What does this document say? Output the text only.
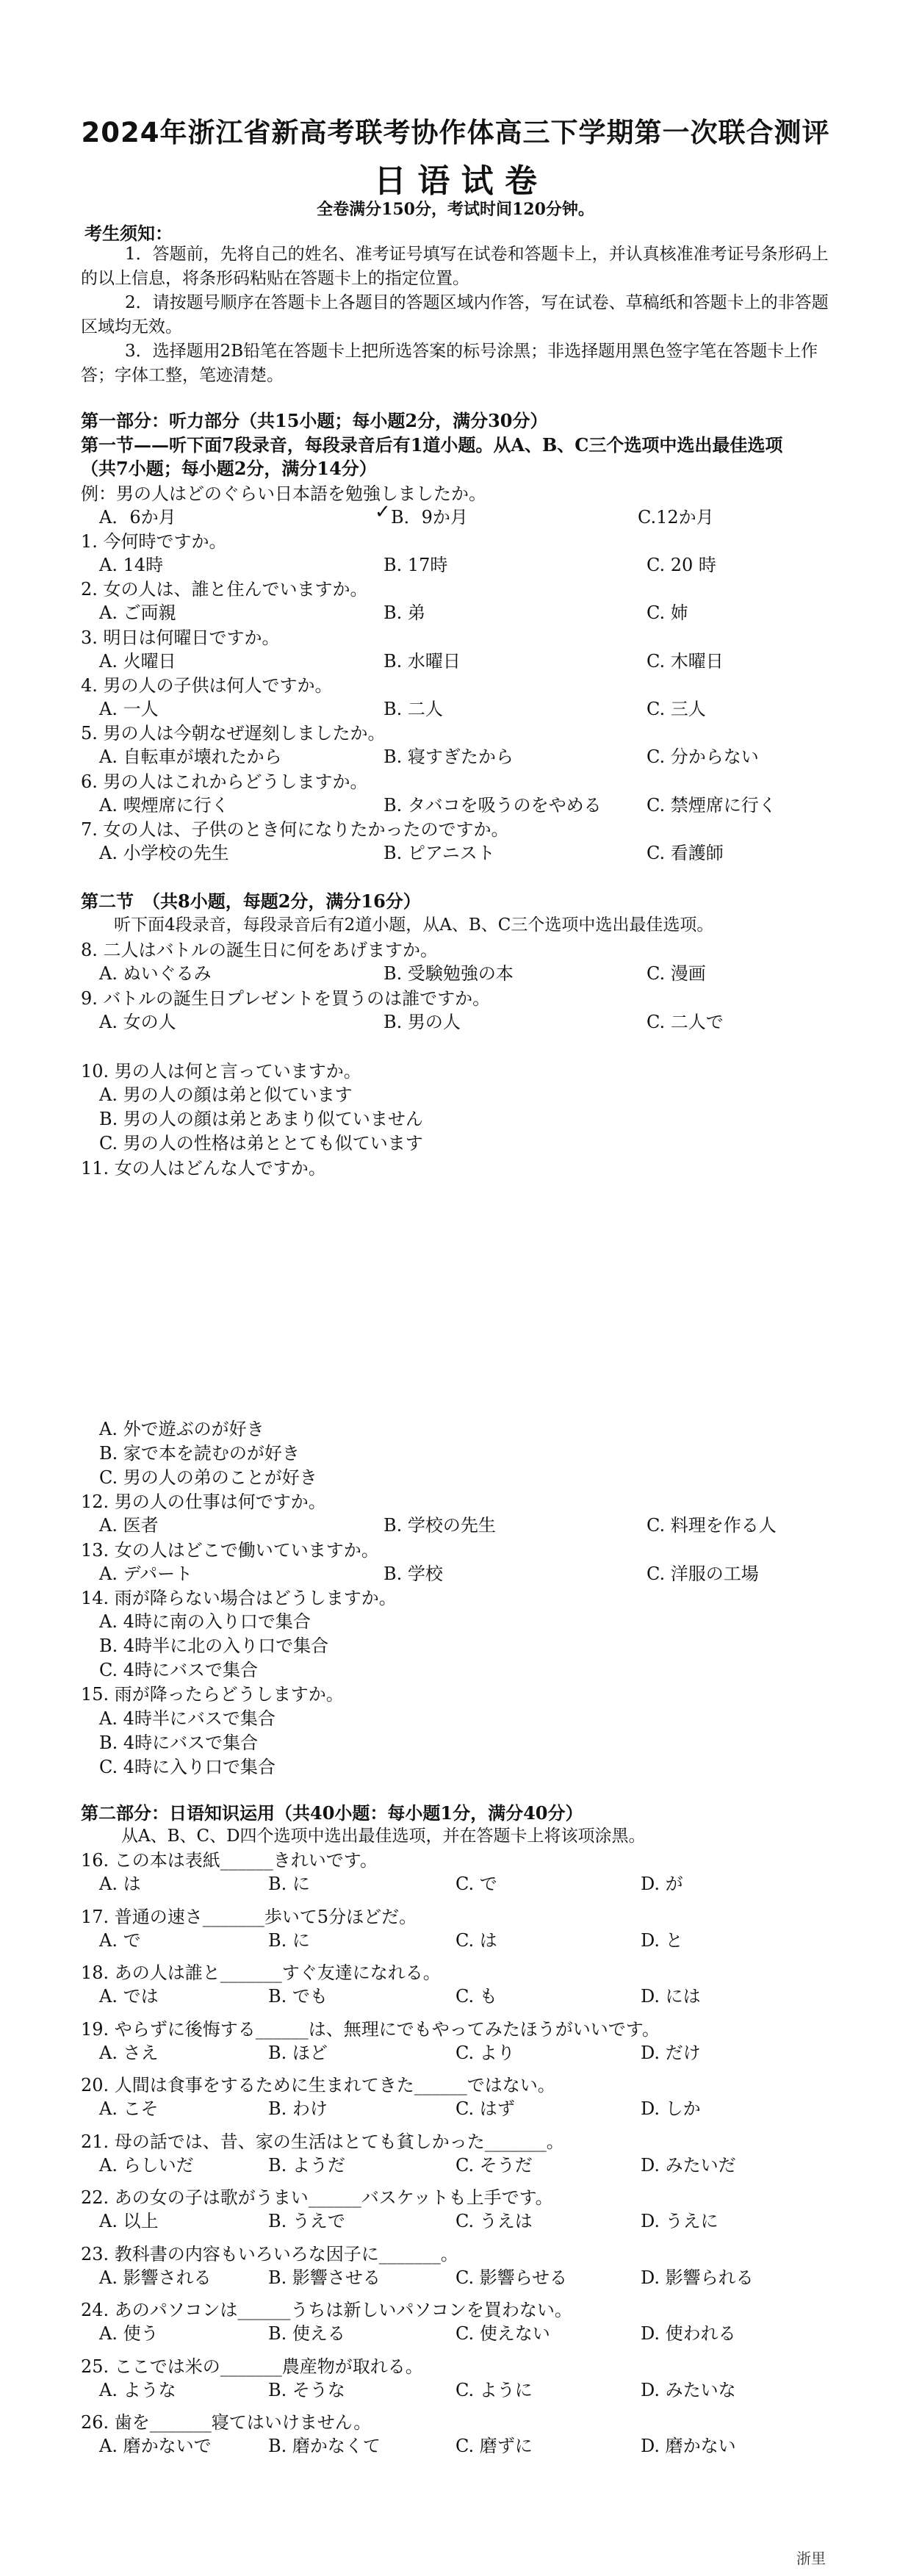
2024年浙江省新高考联考协作体高三下学期第一次联合测评
日 语 试 卷
全卷满分150分，考试时间120分钟。
考生须知：

1．答题前，先将自己的姓名、准考证号填写在试卷和答题卡上，并认真核准准考证号条形码上的以上信息，将条形码粘贴在答题卡上的指定位置。

2．请按题号顺序在答题卡上各题目的答题区域内作答，写在试卷、草稿纸和答题卡上的非答题区域均无效。

3．选择题用2B铅笔在答题卡上把所选答案的标号涂黑；非选择题用黑色签字笔在答题卡上作答；字体工整，笔迹清楚。

第一部分：听力部分（共15小题；每小题2分，满分30分）
第一节——听下面7段录音，每段录音后有1道小题。从A、B、C三个选项中选出最佳选项
（共7小题；每小题2分，满分14分）
例：男の人はどのぐらい日本語を勉強しましたか。
A．6か月	✓ B．9か月	C.12か月
1. 今何時ですか。
A. 14時	B. 17時	C. 20 時
2. 女の人は、誰と住んでいますか。
A. ご両親	B. 弟	C. 姉
3. 明日は何曜日ですか。
A. 火曜日	B. 水曜日	C. 木曜日
4. 男の人の子供は何人ですか。
A. 一人	B. 二人	C. 三人
5. 男の人は今朝なぜ遅刻しましたか。
A. 自転車が壊れたから	B. 寝すぎたから	C. 分からない
6. 男の人はこれからどうしますか。
A. 喫煙席に行く	B. タバコを吸うのをやめる	C. 禁煙席に行く
7. 女の人は、子供のとき何になりたかったのですか。
A. 小学校の先生	B. ピアニスト	C. 看護師
8. 二人はバトルの誕生日に何をあげますか。
A. ぬいぐるみ	B. 受験勉強の本	C. 漫画
9. バトルの誕生日プレゼントを買うのは誰ですか。
A. 女の人	B. 男の人	C. 二人で
第二节　（共8小题，每题2分，满分16分）
听下面4段录音，每段录音后有2道小题，从A、B、C三个选项中选出最佳选项。
10. 男の人は何と言っていますか。
A. 男の人の顔は弟と似ています
B. 男の人の顔は弟とあまり似ていません
C. 男の人の性格は弟ととても似ています
11. 女の人はどんな人ですか。
A. 外で遊ぶのが好き
B. 家で本を読むのが好き
C. 男の人の弟のことが好き
12. 男の人の仕事は何ですか。
A. 医者	B. 学校の先生	C. 料理を作る人
13. 女の人はどこで働いていますか。
A. デパート	B. 学校	C. 洋服の工場
14. 雨が降らない場合はどうしますか。
A. 4時に南の入り口で集合
B. 4時半に北の入り口で集合
C. 4時にバスで集合
15. 雨が降ったらどうしますか。
A. 4時半にバスで集合
B. 4時にバスで集合
C. 4時に入り口で集合
第二部分：日语知识运用（共40小题：每小题1分，满分40分）
从A、B、C、D四个选项中选出最佳选项，并在答题卡上将该项涂黑。
16. この本は表紙______きれいです。
A. は	B. に	C. で	D. が
17. 普通の速さ_______歩いて5分ほどだ。
A. で	B. に	C. は	D. と
18. あの人は誰と_______すぐ友達になれる。
A. では	B. でも	C. も	D. には
19. やらずに後悔する______は、無理にでもやってみたほうがいいです。
A. さえ	B. ほど	C. より	D. だけ
20. 人間は食事をするために生まれてきた______ではない。
A. こそ	B. わけ	C. はず	D. しか
21. 母の話では、昔、家の生活はとても貧しかった_______。
A. らしいだ	B. ようだ	C. そうだ	D. みたいだ
22. あの女の子は歌がうまい______バスケットも上手です。
A. 以上	B. うえで	C. うえは	D. うえに
23. 教科書の内容もいろいろな因子に_______。
A. 影響される	B. 影響させる	C. 影響らせる	D. 影響られる
24. あのパソコンは______うちは新しいパソコンを買わない。
A. 使う	B. 使える	C. 使えない	D. 使われる
25. ここでは米の_______農産物が取れる。
A. ような	B. そうな	C. ように	D. みたいな
26. 歯を_______寝てはいけません。
A. 磨かないで	B. 磨かなくて	C. 磨ずに	D. 磨かない
浙里
